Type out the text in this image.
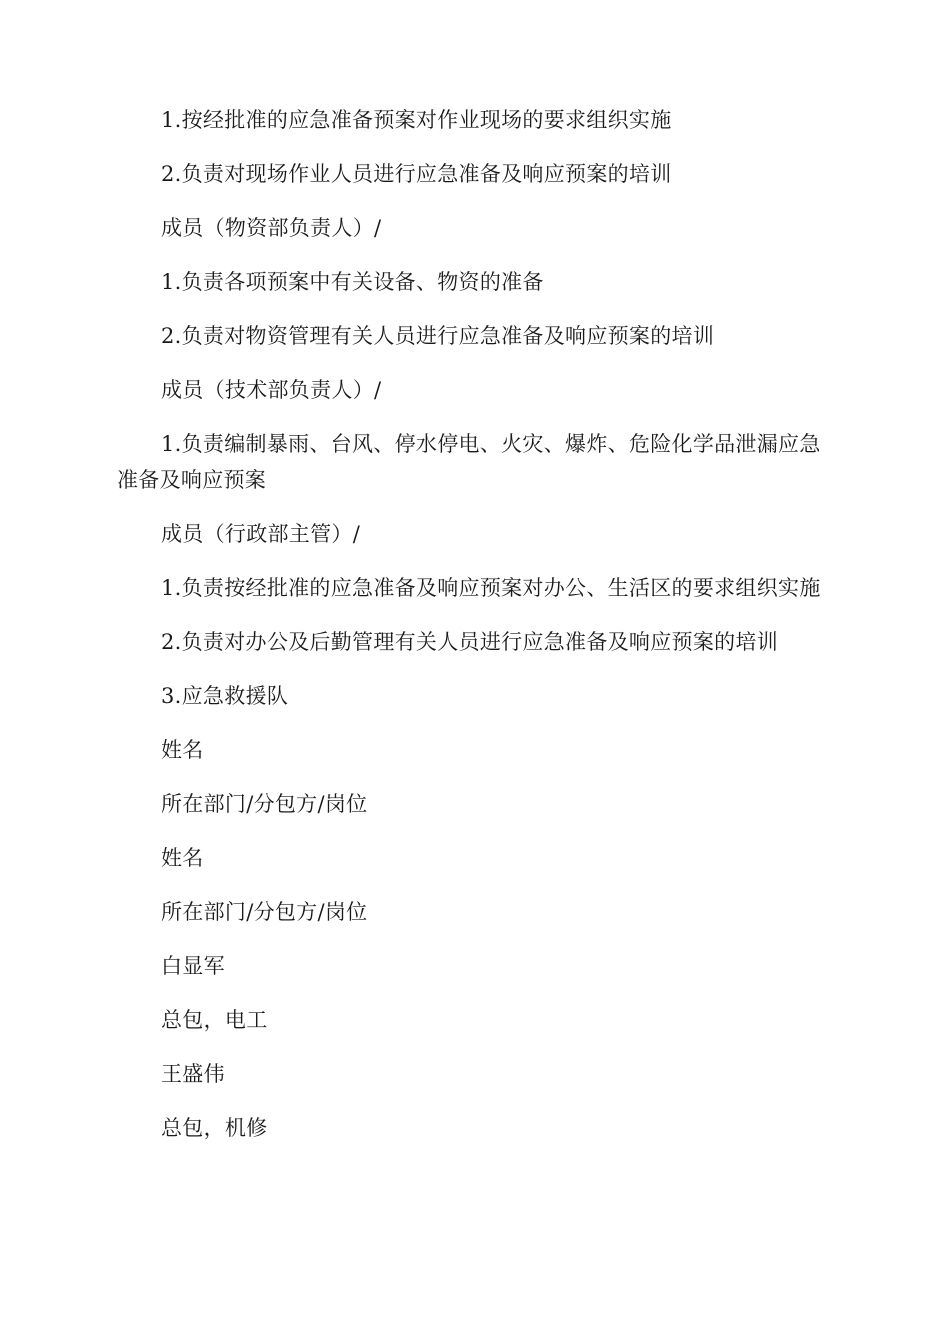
1.按经批准的应急准备预案对作业现场的要求组织实施

2.负责对现场作业人员进行应急准备及响应预案的培训

成员（物资部负责人）/

1.负责各项预案中有关设备、物资的准备

2.负责对物资管理有关人员进行应急准备及响应预案的培训

成员（技术部负责人）/

1.负责编制暴雨、台风、停水停电、火灾、爆炸、危险化学品泄漏应急准备及响应预案

成员（行政部主管）/

1.负责按经批准的应急准备及响应预案对办公、生活区的要求组织实施

2.负责对办公及后勤管理有关人员进行应急准备及响应预案的培训

3.应急救援队

姓名

所在部门/分包方/岗位

姓名

所在部门/分包方/岗位

白显军

总包，电工

王盛伟

总包，机修
